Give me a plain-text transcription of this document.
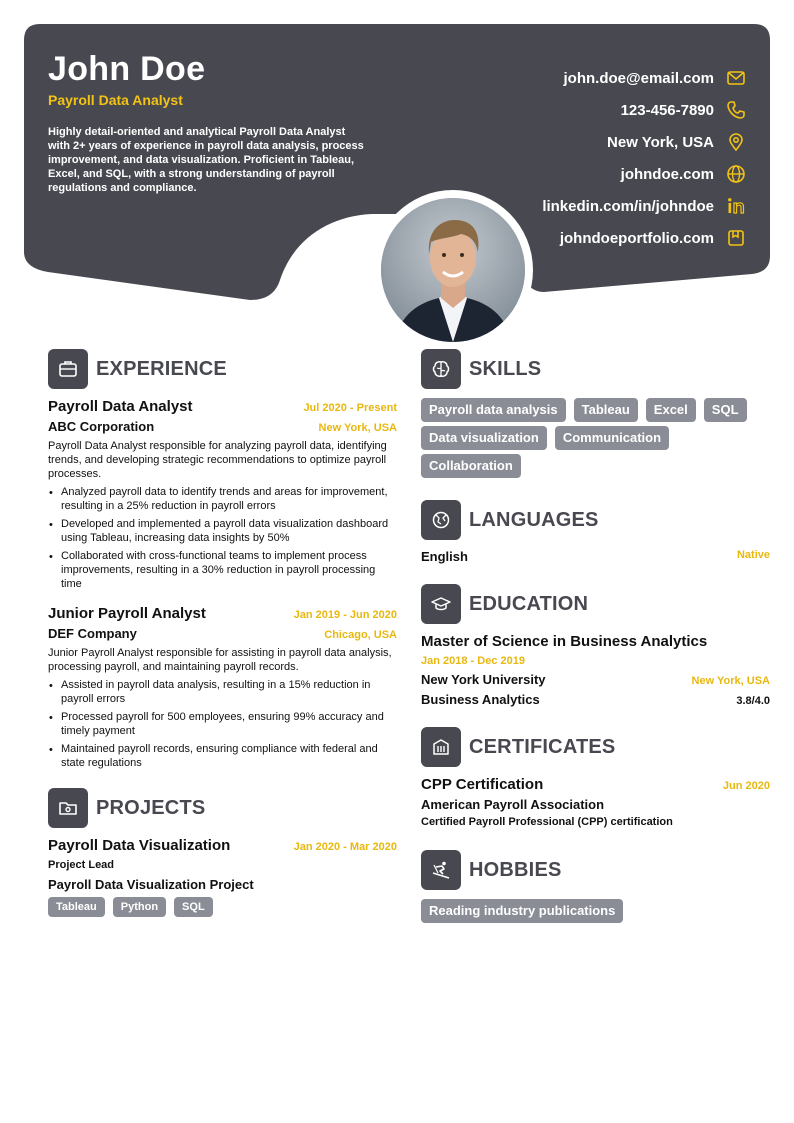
John Doe
Payroll Data Analyst
Highly detail-oriented and analytical Payroll Data Analyst with 2+ years of experience in payroll data analysis, process improvement, and data visualization. Proficient in Tableau, Excel, and SQL, with a strong understanding of payroll regulations and compliance.
john.doe@email.com
123-456-7890
New York, USA
johndoe.com
linkedin.com/in/johndoe
johndoeportfolio.com
EXPERIENCE
Payroll Data Analyst	Jul 2020 - Present
ABC Corporation	New York, USA
Payroll Data Analyst responsible for analyzing payroll data, identifying trends, and developing strategic recommendations to optimize payroll processes.
• Analyzed payroll data to identify trends and areas for improvement, resulting in a 25% reduction in payroll errors
• Developed and implemented a payroll data visualization dashboard using Tableau, increasing data insights by 50%
• Collaborated with cross-functional teams to implement process improvements, resulting in a 30% reduction in payroll processing time
Junior Payroll Analyst	Jan 2019 - Jun 2020
DEF Company	Chicago, USA
Junior Payroll Analyst responsible for assisting in payroll data analysis, processing payroll, and maintaining payroll records.
• Assisted in payroll data analysis, resulting in a 15% reduction in payroll errors
• Processed payroll for 500 employees, ensuring 99% accuracy and timely payment
• Maintained payroll records, ensuring compliance with federal and state regulations
PROJECTS
Payroll Data Visualization	Jan 2020 - Mar 2020
Project Lead
Payroll Data Visualization Project
Tableau	Python	SQL
SKILLS
Payroll data analysis	Tableau	Excel	SQL
Data visualization	Communication
Collaboration
LANGUAGES
English	Native
EDUCATION
Master of Science in Business Analytics
Jan 2018 - Dec 2019
New York University	New York, USA
Business Analytics	3.8/4.0
CERTIFICATES
CPP Certification	Jun 2020
American Payroll Association
Certified Payroll Professional (CPP) certification
HOBBIES
Reading industry publications
